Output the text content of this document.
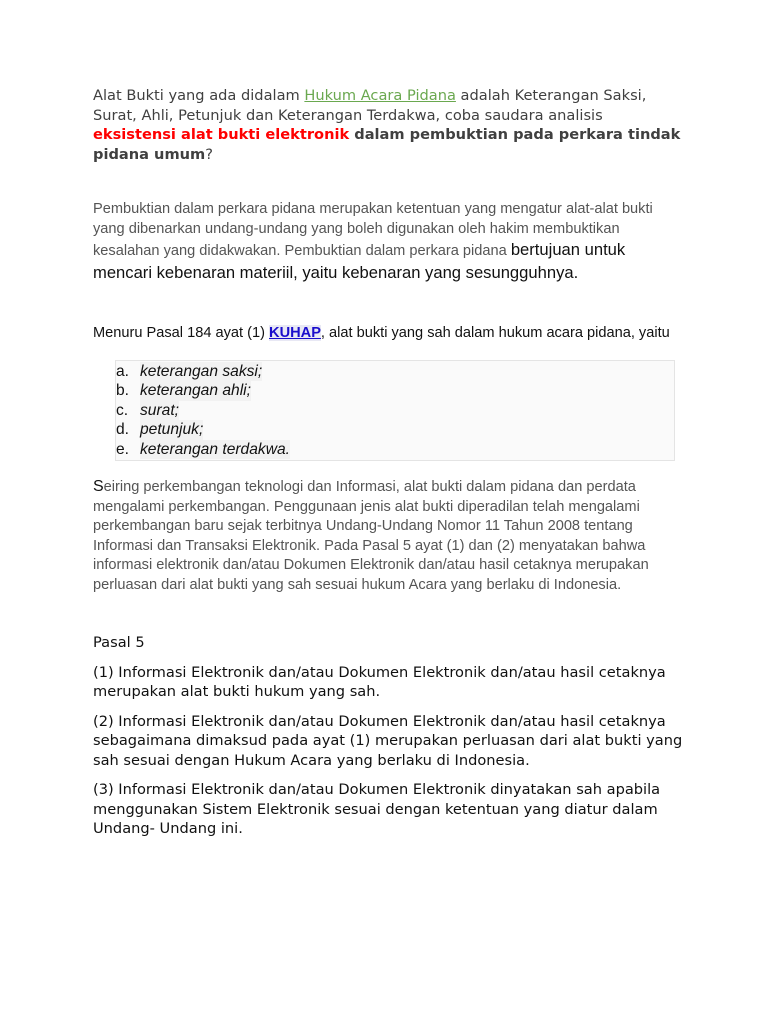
Alat Bukti yang ada didalam Hukum Acara Pidana adalah Keterangan Saksi, Surat, Ahli, Petunjuk dan Keterangan Terdakwa, coba saudara analisis eksistensi alat bukti elektronik dalam pembuktian pada perkara tindak pidana umum?

Pembuktian dalam perkara pidana merupakan ketentuan yang mengatur alat-alat bukti yang dibenarkan undang-undang yang boleh digunakan oleh hakim membuktikan kesalahan yang didakwakan. Pembuktian dalam perkara pidana bertujuan untuk mencari kebenaran materiil, yaitu kebenaran yang sesungguhnya.

Menuru Pasal 184 ayat (1) KUHAP, alat bukti yang sah dalam hukum acara pidana, yaitu

a. keterangan saksi;
b. keterangan ahli;
c. surat;
d. petunjuk;
e. keterangan terdakwa.

Seiring perkembangan teknologi dan Informasi, alat bukti dalam pidana dan perdata mengalami perkembangan. Penggunaan jenis alat bukti diperadilan telah mengalami perkembangan baru sejak terbitnya Undang-Undang Nomor 11 Tahun 2008 tentang Informasi dan Transaksi Elektronik. Pada Pasal 5 ayat (1) dan (2) menyatakan bahwa informasi elektronik dan/atau Dokumen Elektronik dan/atau hasil cetaknya merupakan perluasan dari alat bukti yang sah sesuai hukum Acara yang berlaku di Indonesia.

Pasal 5

(1) Informasi Elektronik dan/atau Dokumen Elektronik dan/atau hasil cetaknya merupakan alat bukti hukum yang sah.

(2) Informasi Elektronik dan/atau Dokumen Elektronik dan/atau hasil cetaknya sebagaimana dimaksud pada ayat (1) merupakan perluasan dari alat bukti yang sah sesuai dengan Hukum Acara yang berlaku di Indonesia.

(3) Informasi Elektronik dan/atau Dokumen Elektronik dinyatakan sah apabila menggunakan Sistem Elektronik sesuai dengan ketentuan yang diatur dalam Undang- Undang ini.
